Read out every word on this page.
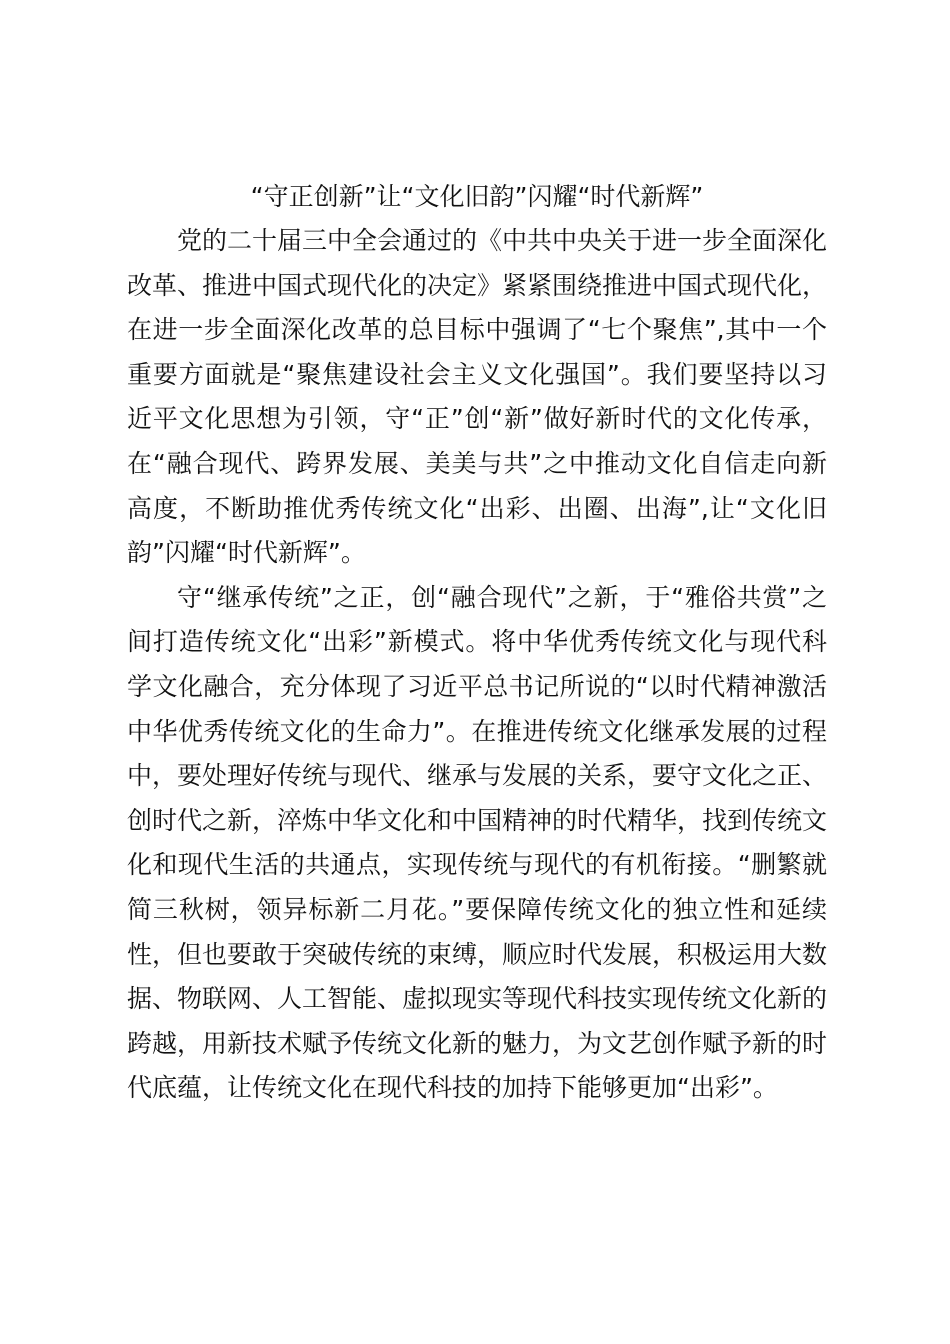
“守正创新”让“文化旧韵”闪耀“时代新辉”

党的二十届三中全会通过的《中共中央关于进一步全面深化改革、推进中国式现代化的决定》紧紧围绕推进中国式现代化，在进一步全面深化改革的总目标中强调了“七个聚焦”,其中一个重要方面就是“聚焦建设社会主义文化强国”。我们要坚持以习近平文化思想为引领，守“正”创“新”做好新时代的文化传承，在“融合现代、跨界发展、美美与共”之中推动文化自信走向新高度，不断助推优秀传统文化“出彩、出圈、出海”,让“文化旧韵”闪耀“时代新辉”。

守“继承传统”之正，创“融合现代”之新，于“雅俗共赏”之间打造传统文化“出彩”新模式。将中华优秀传统文化与现代科学文化融合，充分体现了习近平总书记所说的“以时代精神激活中华优秀传统文化的生命力”。在推进传统文化继承发展的过程中，要处理好传统与现代、继承与发展的关系，要守文化之正、创时代之新，淬炼中华文化和中国精神的时代精华，找到传统文化和现代生活的共通点，实现传统与现代的有机衔接。“删繁就简三秋树，领异标新二月花。”要保障传统文化的独立性和延续性，但也要敢于突破传统的束缚，顺应时代发展，积极运用大数据、物联网、人工智能、虚拟现实等现代科技实现传统文化新的跨越，用新技术赋予传统文化新的魅力，为文艺创作赋予新的时代底蕴，让传统文化在现代科技的加持下能够更加“出彩”。
